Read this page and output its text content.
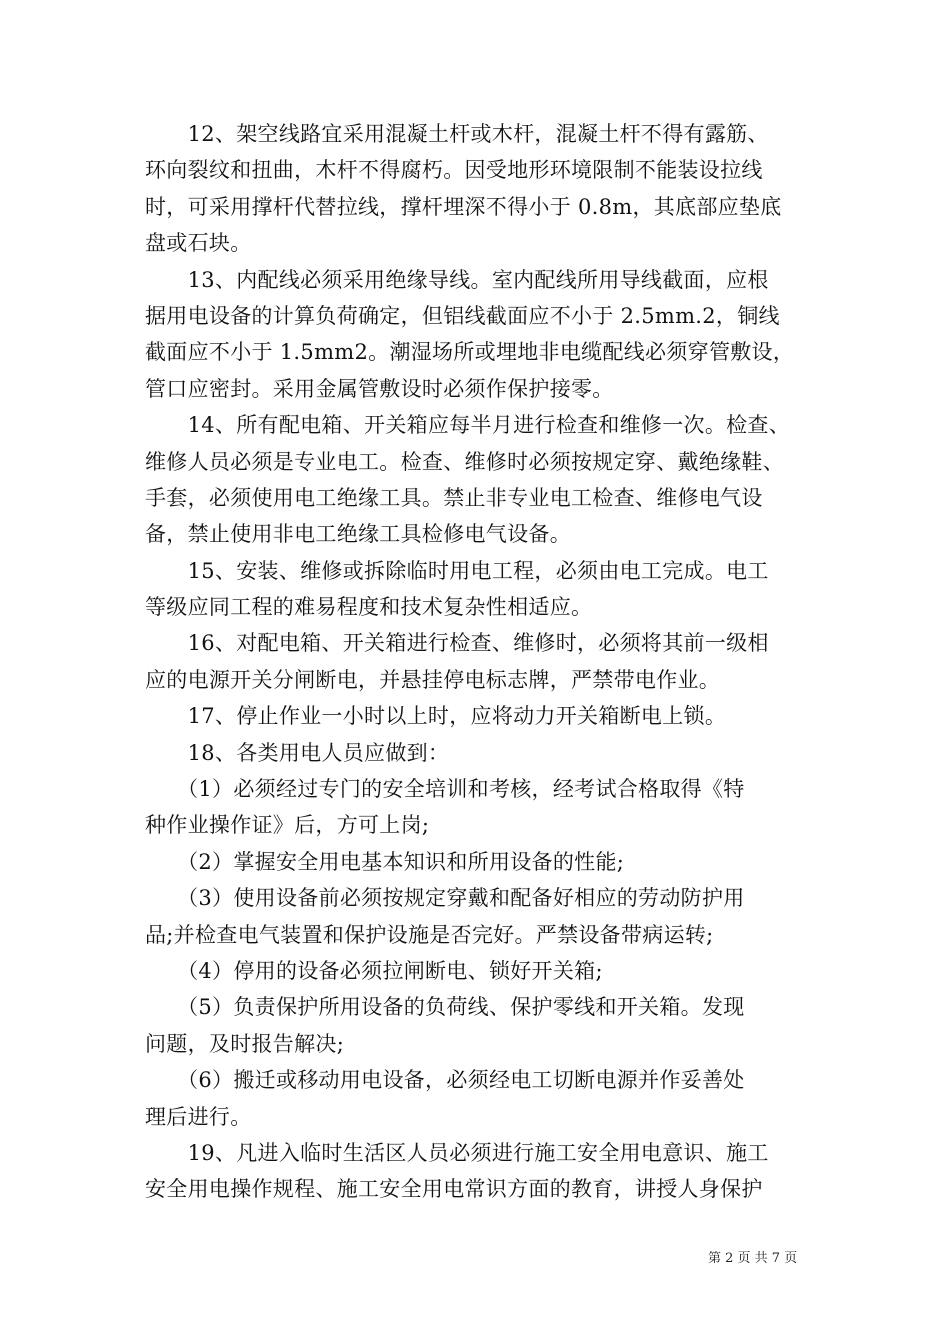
　　12、架空线路宜采用混凝土杆或木杆，混凝土杆不得有露筋、
环向裂纹和扭曲，木杆不得腐朽。因受地形环境限制不能装设拉线
时，可采用撑杆代替拉线，撑杆埋深不得小于 0.8m，其底部应垫底
盘或石块。
　　13、内配线必须采用绝缘导线。室内配线所用导线截面，应根
据用电设备的计算负荷确定，但铝线截面应不小于 2.5mm.2，铜线
截面应不小于 1.5mm2。潮湿场所或埋地非电缆配线必须穿管敷设，
管口应密封。采用金属管敷设时必须作保护接零。
　　14、所有配电箱、开关箱应每半月进行检查和维修一次。检查、
维修人员必须是专业电工。检查、维修时必须按规定穿、戴绝缘鞋、
手套，必须使用电工绝缘工具。禁止非专业电工检查、维修电气设
备，禁止使用非电工绝缘工具检修电气设备。
　　15、安装、维修或拆除临时用电工程，必须由电工完成。电工
等级应同工程的难易程度和技术复杂性相适应。
　　16、对配电箱、开关箱进行检查、维修时，必须将其前一级相
应的电源开关分闸断电，并悬挂停电标志牌，严禁带电作业。
　　17、停止作业一小时以上时，应将动力开关箱断电上锁。
　　18、各类用电人员应做到：
　　（1）必须经过专门的安全培训和考核，经考试合格取得《特
种作业操作证》后，方可上岗;
　　（2）掌握安全用电基本知识和所用设备的性能;
　　（3）使用设备前必须按规定穿戴和配备好相应的劳动防护用
品;并检查电气装置和保护设施是否完好。严禁设备带病运转;
　　（4）停用的设备必须拉闸断电、锁好开关箱;
　　（5）负责保护所用设备的负荷线、保护零线和开关箱。发现
问题，及时报告解决;
　　（6）搬迁或移动用电设备，必须经电工切断电源并作妥善处
理后进行。
　　19、凡进入临时生活区人员必须进行施工安全用电意识、施工
安全用电操作规程、施工安全用电常识方面的教育，讲授人身保护
第 2 页 共 7 页
